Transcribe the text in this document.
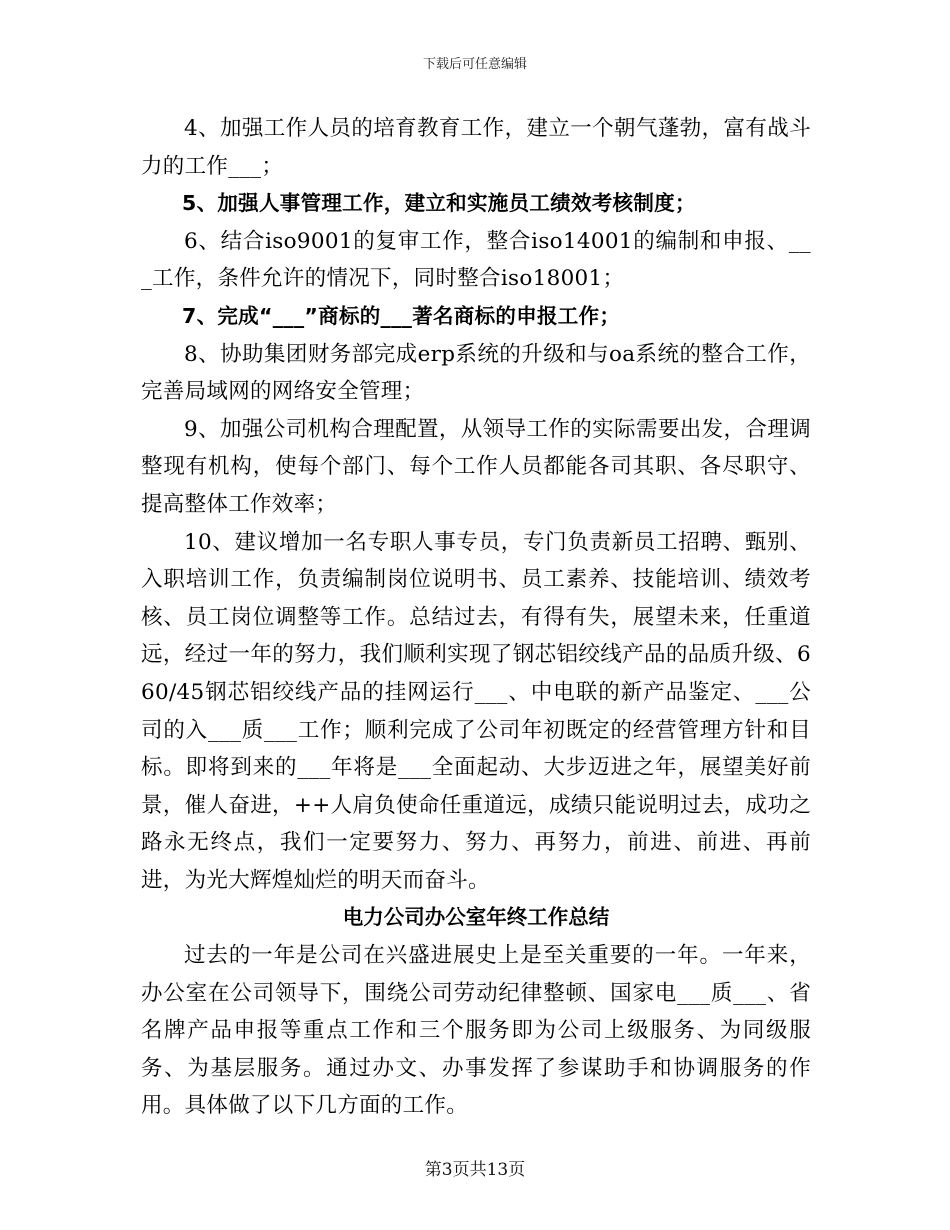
下载后可任意编辑

4、加强工作人员的培育教育工作，建立一个朝气蓬勃，富有战斗力的工作___；

5、加强人事管理工作，建立和实施员工绩效考核制度；

6、结合iso9001的复审工作，整合iso14001的编制和申报、___工作，条件允许的情况下，同时整合iso18001；

7、完成“___”商标的___著名商标的申报工作；

8、协助集团财务部完成erp系统的升级和与oa系统的整合工作，完善局域网的网络安全管理；

9、加强公司机构合理配置，从领导工作的实际需要出发，合理调整现有机构，使每个部门、每个工作人员都能各司其职、各尽职守、提高整体工作效率；

10、建议增加一名专职人事专员，专门负责新员工招聘、甄别、入职培训工作，负责编制岗位说明书、员工素养、技能培训、绩效考核、员工岗位调整等工作。总结过去，有得有失，展望未来，任重道远，经过一年的努力，我们顺利实现了钢芯铝绞线产品的品质升级、660/45钢芯铝绞线产品的挂网运行___、中电联的新产品鉴定、___公司的入___质___工作；顺利完成了公司年初既定的经营管理方针和目标。即将到来的___年将是___全面起动、大步迈进之年，展望美好前景，催人奋进，++人肩负使命任重道远，成绩只能说明过去，成功之路永无终点，我们一定要努力、努力、再努力，前进、前进、再前进，为光大辉煌灿烂的明天而奋斗。

电力公司办公室年终工作总结

过去的一年是公司在兴盛进展史上是至关重要的一年。一年来，办公室在公司领导下，围绕公司劳动纪律整顿、国家电___质___、省名牌产品申报等重点工作和三个服务即为公司上级服务、为同级服务、为基层服务。通过办文、办事发挥了参谋助手和协调服务的作用。具体做了以下几方面的工作。

第3页共13页
